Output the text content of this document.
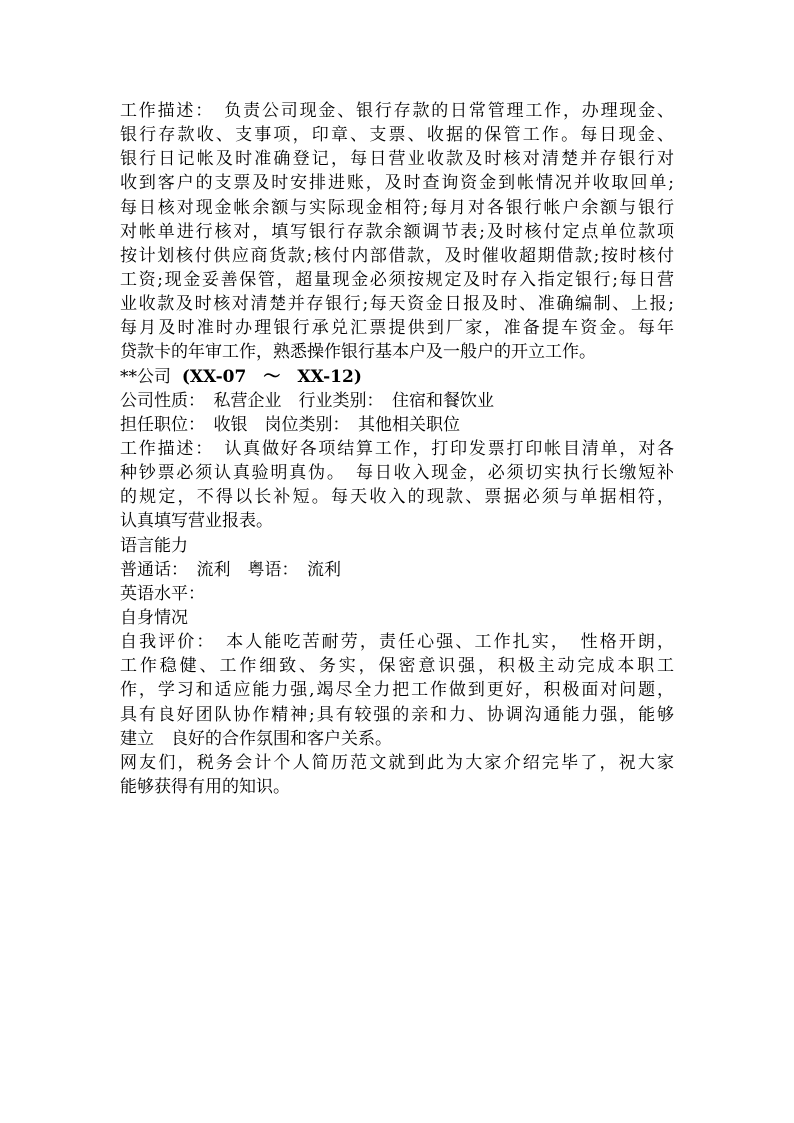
工作描述：　负责公司现金、银行存款的日常管理工作，办理现金、
银行存款收、支事项，印章、支票、收据的保管工作。每日现金、
银行日记帐及时准确登记，每日营业收款及时核对清楚并存银行对
收到客户的支票及时安排进账，及时查询资金到帐情况并收取回单;
每日核对现金帐余额与实际现金相符;每月对各银行帐户余额与银行
对帐单进行核对，填写银行存款余额调节表;及时核付定点单位款项
按计划核付供应商货款;核付内部借款，及时催收超期借款;按时核付
工资;现金妥善保管，超量现金必须按规定及时存入指定银行;每日营
业收款及时核对清楚并存银行;每天资金日报及时、准确编制、上报;
每月及时准时办理银行承兑汇票提供到厂家，准备提车资金。每年
贷款卡的年审工作，熟悉操作银行基本户及一般户的开立工作。
**公司 (XX-07　～　XX-12)
公司性质：　私营企业　行业类别：　住宿和餐饮业
担任职位：　收银　岗位类别：　其他相关职位
工作描述：　认真做好各项结算工作，打印发票打印帐目清单，对各
种钞票必须认真验明真伪。　每日收入现金，必须切实执行长缴短补
的规定，不得以长补短。每天收入的现款、票据必须与单据相符，
认真填写营业报表。
语言能力
普通话：　流利　粤语：　流利
英语水平：
自身情况
自我评价：　本人能吃苦耐劳，责任心强、工作扎实，　性格开朗，
工作稳健、工作细致、务实，保密意识强，积极主动完成本职工
作，学习和适应能力强,竭尽全力把工作做到更好，积极面对问题，
具有良好团队协作精神;具有较强的亲和力、协调沟通能力强，能够
建立　良好的合作氛围和客户关系。
网友们，税务会计个人简历范文就到此为大家介绍完毕了，祝大家
能够获得有用的知识。
